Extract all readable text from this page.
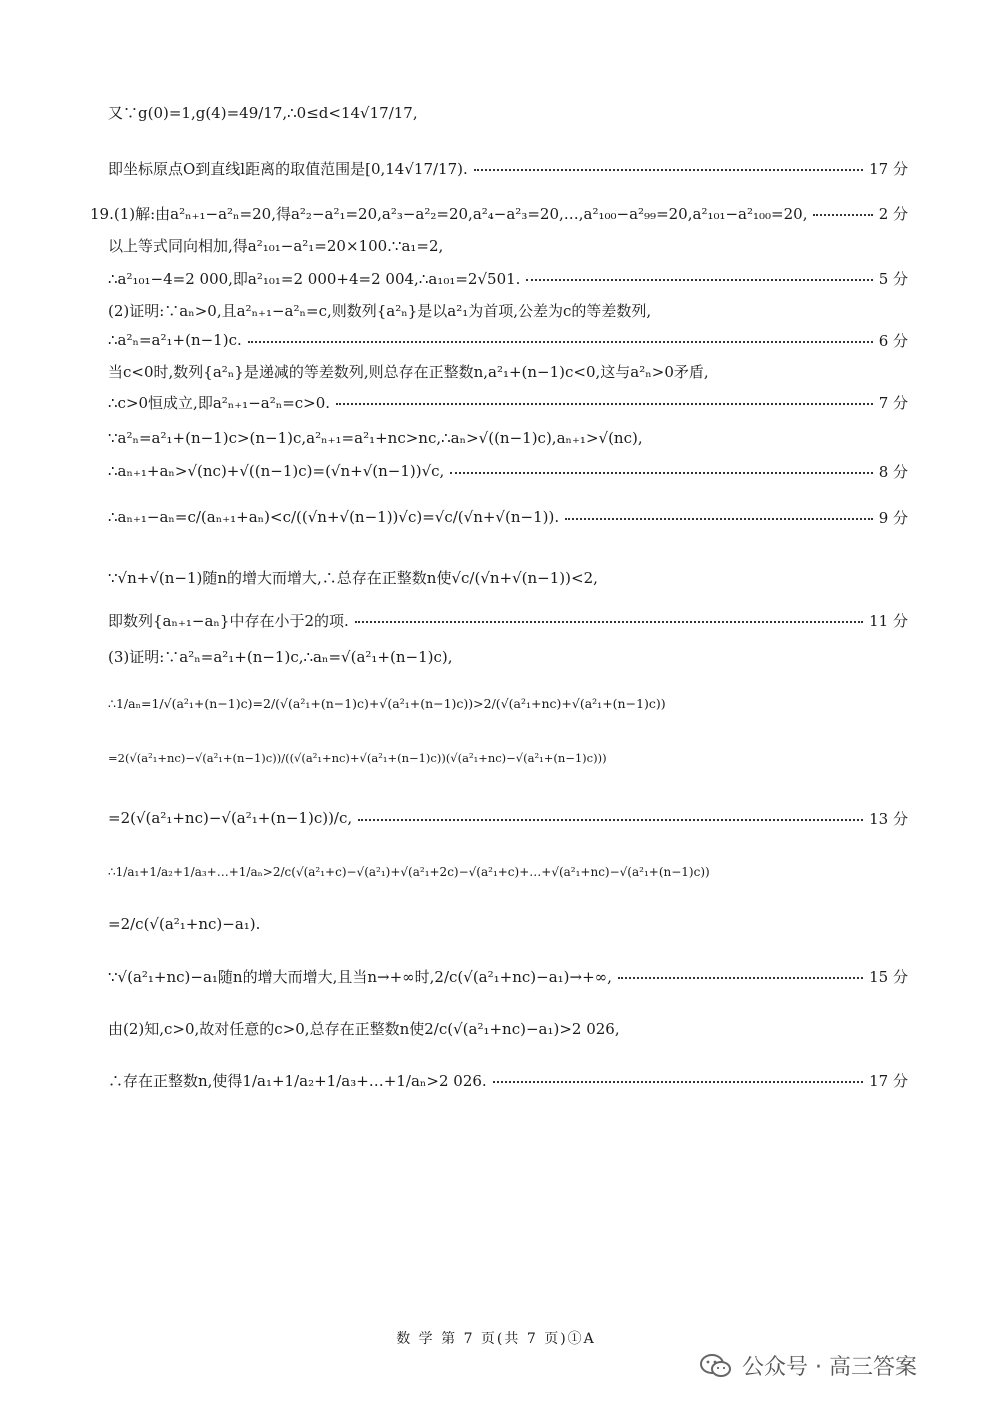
又∵g(0)=1,g(4)=49/17,∴0≤d<14√17/17,
即坐标原点O到直线l距离的取值范围是[0,14√17/17).	17 分
19.(1)解:由a²ₙ₊₁−a²ₙ=20,得a²₂−a²₁=20,a²₃−a²₂=20,a²₄−a²₃=20,…,a²₁₀₀−a²₉₉=20,a²₁₀₁−a²₁₀₀=20,	2 分
以上等式同向相加,得a²₁₀₁−a²₁=20×100.∵a₁=2,
∴a²₁₀₁−4=2 000,即a²₁₀₁=2 000+4=2 004,∴a₁₀₁=2√501.	5 分
(2)证明:∵aₙ>0,且a²ₙ₊₁−a²ₙ=c,则数列{a²ₙ}是以a²₁为首项,公差为c的等差数列,
∴a²ₙ=a²₁+(n−1)c.	6 分
当c<0时,数列{a²ₙ}是递减的等差数列,则总存在正整数n,a²₁+(n−1)c<0,这与a²ₙ>0矛盾,
∴c>0恒成立,即a²ₙ₊₁−a²ₙ=c>0.	7 分
∵a²ₙ=a²₁+(n−1)c>(n−1)c,a²ₙ₊₁=a²₁+nc>nc,∴aₙ>√((n−1)c),aₙ₊₁>√(nc),
∴aₙ₊₁+aₙ>√(nc)+√((n−1)c)=(√n+√(n−1))√c,	8 分
∴aₙ₊₁−aₙ=c/(aₙ₊₁+aₙ)<c/((√n+√(n−1))√c)=√c/(√n+√(n−1)).	9 分
∵√n+√(n−1)随n的增大而增大,∴总存在正整数n使√c/(√n+√(n−1))<2,
即数列{aₙ₊₁−aₙ}中存在小于2的项.	11 分
(3)证明:∵a²ₙ=a²₁+(n−1)c,∴aₙ=√(a²₁+(n−1)c),
∴1/aₙ=1/√(a²₁+(n−1)c)=2/(√(a²₁+(n−1)c)+√(a²₁+(n−1)c))>2/(√(a²₁+nc)+√(a²₁+(n−1)c))
=2(√(a²₁+nc)−√(a²₁+(n−1)c))/((√(a²₁+nc)+√(a²₁+(n−1)c))(√(a²₁+nc)−√(a²₁+(n−1)c)))
=2(√(a²₁+nc)−√(a²₁+(n−1)c))/c,	13 分
∴1/a₁+1/a₂+1/a₃+…+1/aₙ>2/c(√(a²₁+c)−√(a²₁)+√(a²₁+2c)−√(a²₁+c)+…+√(a²₁+nc)−√(a²₁+(n−1)c))
=2/c(√(a²₁+nc)−a₁).
∵√(a²₁+nc)−a₁随n的增大而增大,且当n→+∞时,2/c(√(a²₁+nc)−a₁)→+∞,	15 分
由(2)知,c>0,故对任意的c>0,总存在正整数n使2/c(√(a²₁+nc)−a₁)>2 026,
∴存在正整数n,使得1/a₁+1/a₂+1/a₃+…+1/aₙ>2 026.	17 分
数 学 第 7 页(共 7 页)①A
公众号 · 高三答案
